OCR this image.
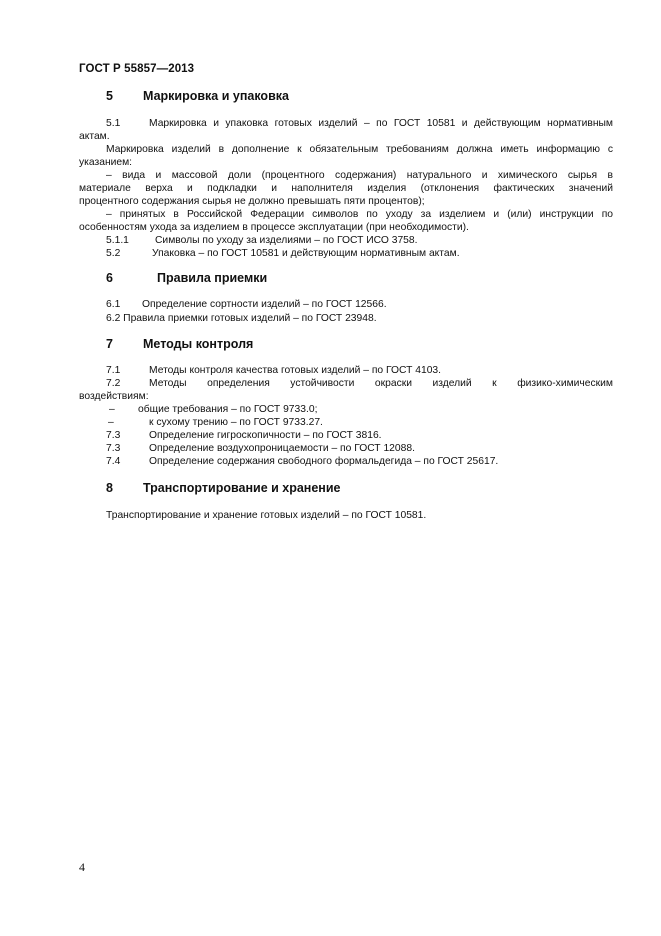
ГОСТ Р 55857—2013
5 Маркировка и упаковка
5.1	Маркировка и упаковка готовых изделий – по ГОСТ 10581 и действующим нормативным
актам.
Маркировка изделий в дополнение к обязательным требованиям должна иметь информацию с
указанием:
– вида и массовой доли (процентного содержания) натурального и химического сырья в
материале верха и подкладки и наполнителя изделия (отклонения фактических значений
процентного содержания сырья не должно превышать пяти процентов);
– принятых в Российской Федерации символов по уходу за изделием и (или) инструкции по
особенностям ухода за изделием в процессе эксплуатации (при необходимости).
5.1.1	Символы по уходу за изделиями – по ГОСТ ИСО 3758.
5.2	Упаковка – по ГОСТ 10581 и действующим нормативным актам.
6	Правила приемки
6.1 Определение сортности изделий – по ГОСТ 12566.
6.2 Правила приемки готовых изделий – по ГОСТ 23948.
7 Методы контроля
7.1	Методы контроля качества готовых изделий – по ГОСТ 4103.
7.2	Методы определения устойчивости окраски изделий к физико-химическим
воздействиям:
– общие требования – по ГОСТ 9733.0;
–	к сухому трению – по ГОСТ 9733.27.
7.3	Определение гигроскопичности – по ГОСТ 3816.
7.3	Определение воздухопроницаемости – по ГОСТ 12088.
7.4	Определение содержания свободного формальдегида – по ГОСТ 25617.
8 Транспортирование и хранение
Транспортирование и хранение готовых изделий – по ГОСТ 10581.
4
